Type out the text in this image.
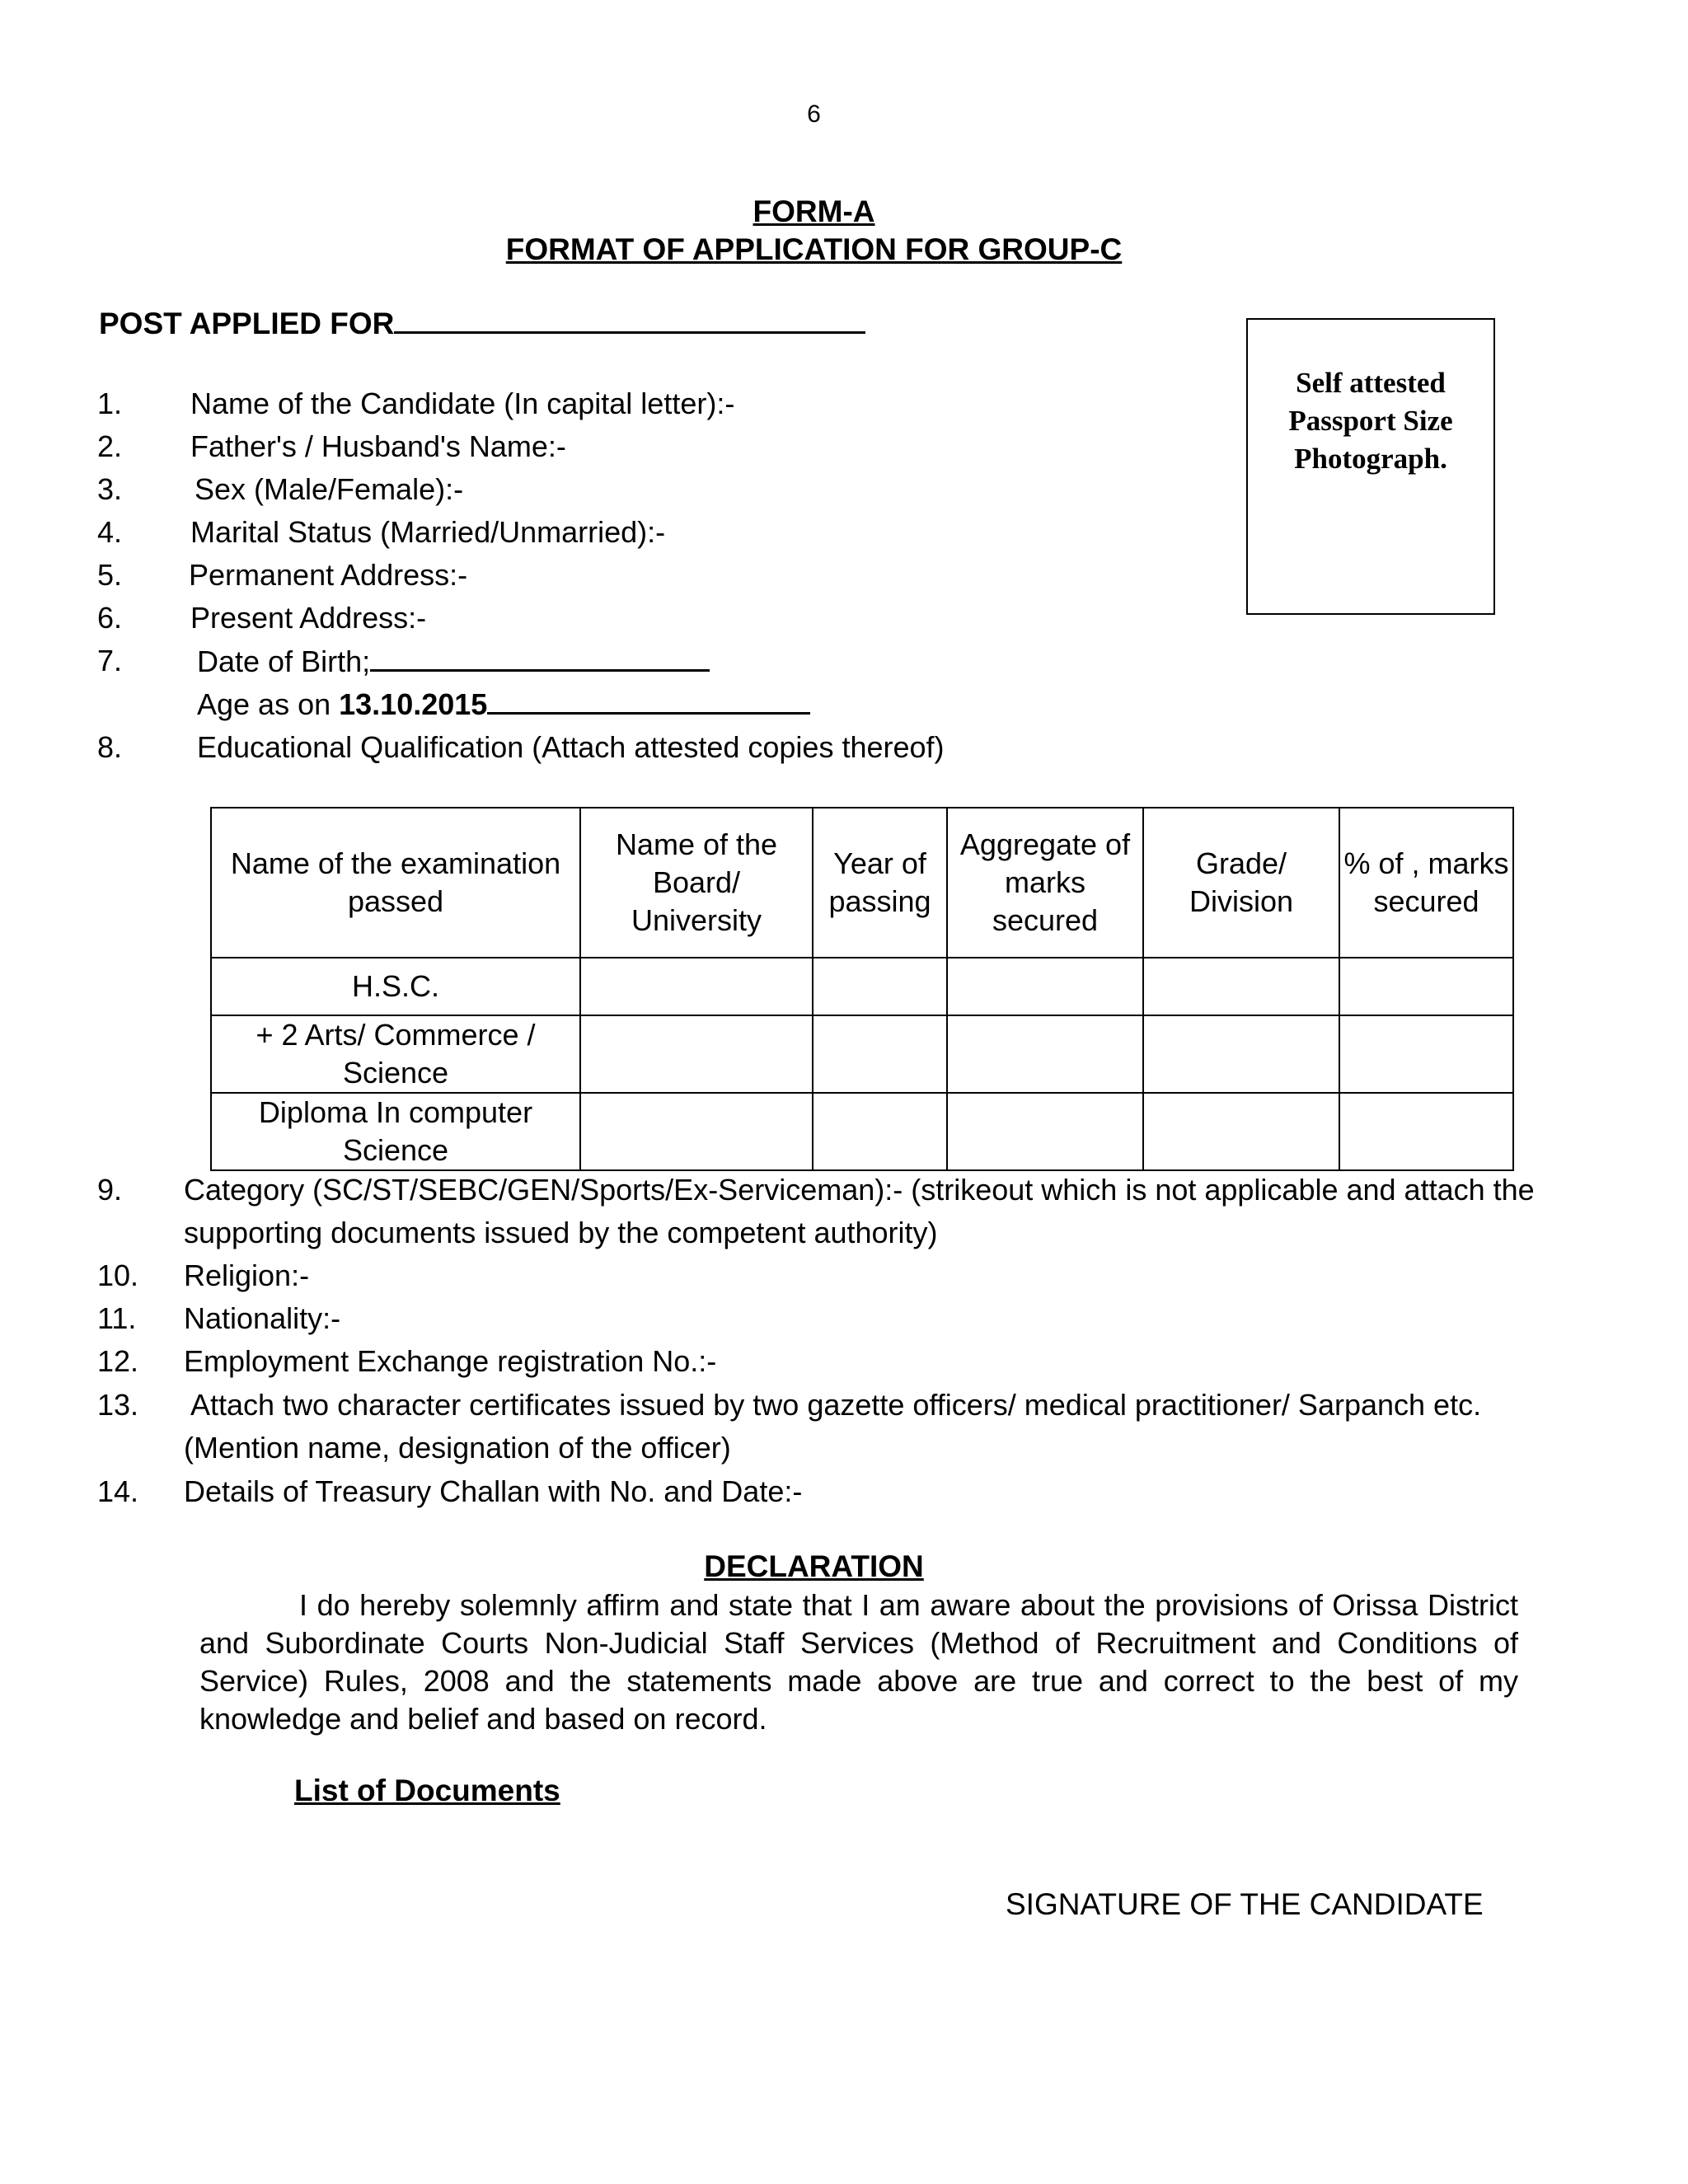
6
FORM-A
FORMAT OF APPLICATION FOR GROUP-C
POST APPLIED FOR
Self attested
Passport Size
Photograph.
1. Name of the Candidate (In capital letter):-
2. Father's / Husband's Name:-
3. Sex (Male/Female):-
4. Marital Status (Married/Unmarried):-
5. Permanent Address:-
6. Present Address:-
7.	Date of Birth;
Age as on 13.10.2015
8.	Educational Qualification (Attach attested copies thereof)
Name of the examination passed	Name of the Board/ University	Year of passing	Aggregate of marks secured	Grade/ Division	% of , marks secured
H.S.C.					
+ 2 Arts/ Commerce / Science					
Diploma In computer Science					
9. Category (SC/ST/SEBC/GEN/Sports/Ex-Serviceman):- (strikeout which is not applicable and attach the
supporting documents issued by the competent authority)
10. Religion:-
11. Nationality:-
12. Employment Exchange registration No.:-
13. Attach two character certificates issued by two gazette officers/ medical practitioner/ Sarpanch etc.
(Mention name, designation of the officer)
14. Details of Treasury Challan with No. and Date:-
DECLARATION
I do hereby solemnly affirm and state that I am aware about the provisions of Orissa District and Subordinate Courts Non-Judicial Staff Services (Method of Recruitment and Conditions of Service) Rules, 2008 and the statements made above are true and correct to the best of my knowledge and belief and based on record.
List of Documents
SIGNATURE OF THE CANDIDATE
